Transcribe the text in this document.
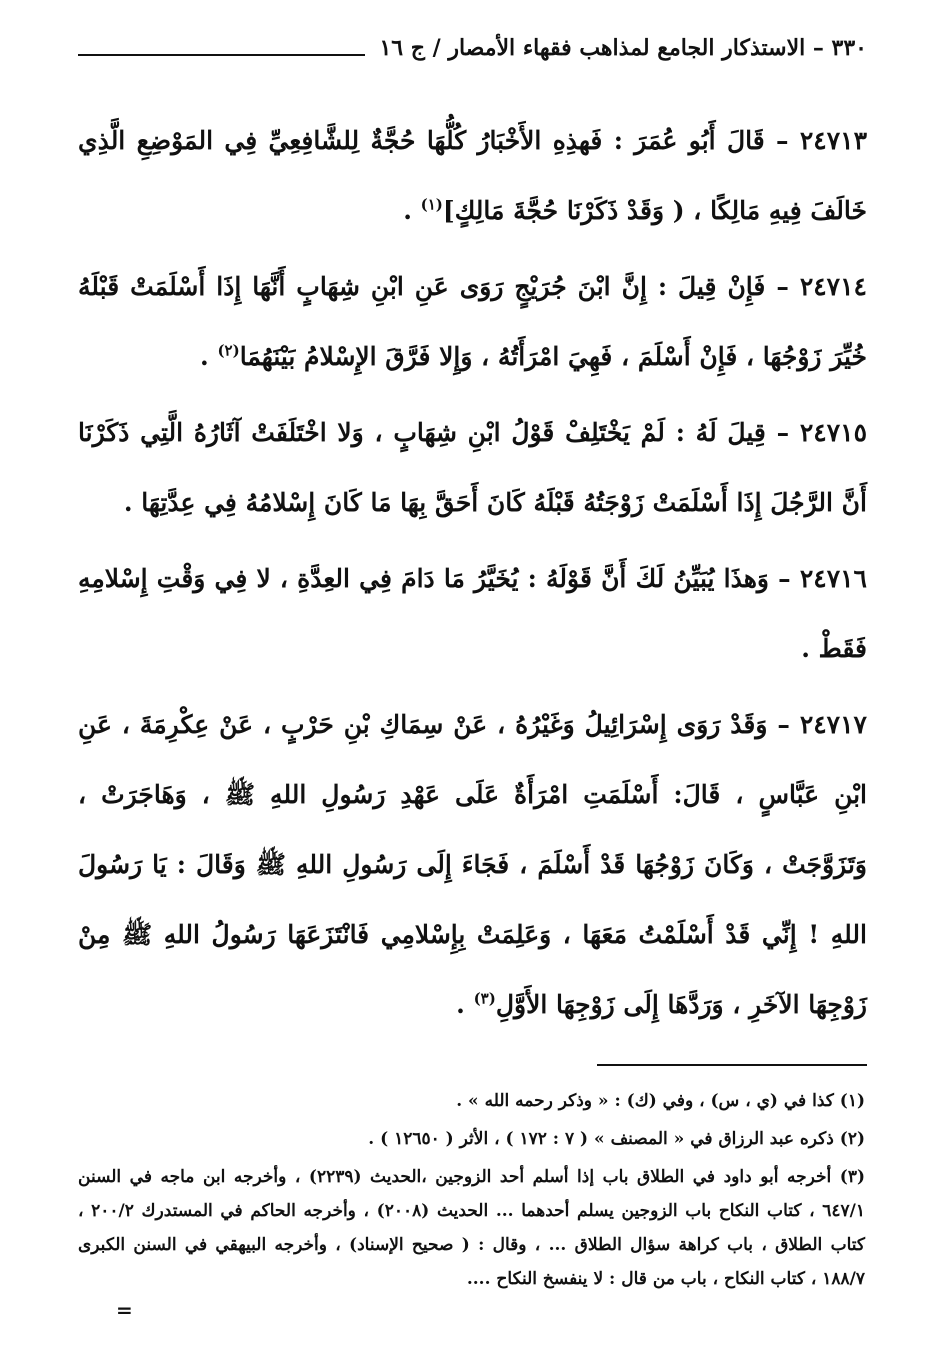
٣٣٠ – الاستذكار الجامع لمذاهب فقهاء الأمصار / ج ١٦

٢٤٧١٣ – قَالَ أَبُو عُمَرَ : فَهذِهِ الأَخْبَارُ كُلُّهَا حُجَّةٌ لِلشَّافِعِيِّ فِي المَوْضِعِ الَّذِي خَالَفَ فِيهِ مَالِكًا ، ( وَقَدْ ذَكَرْنَا حُجَّةَ مَالِكٍ]$^{(١)}$ .

٢٤٧١٤ – فَإِنْ قِيلَ : إِنَّ ابْنَ جُرَيْجٍ رَوَى عَنِ ابْنِ شِهَابٍ أَنَّهَا إِذَا أَسْلَمَتْ قَبْلَهُ خُيِّرَ زَوْجُهَا ، فَإِنْ أَسْلَمَ ، فَهِيَ امْرَأَتُهُ ، وَإِلا فَرَّقَ الإِسْلامُ بَيْنَهُمَا$^{(٢)}$ .

٢٤٧١٥ – قِيلَ لَهُ : لَمْ يَخْتَلِفْ قَوْلُ ابْنِ شِهَابٍ ، وَلا اخْتَلَفَتْ آثَارُهُ الَّتِي ذَكَرْنَا أَنَّ الرَّجُلَ إِذَا أَسْلَمَتْ زَوْجَتُهُ قَبْلَهُ كَانَ أَحَقَّ بِهَا مَا كَانَ إِسْلامُهُ فِي عِدَّتِهَا .

٢٤٧١٦ – وَهذَا يُبَيِّنُ لَكَ أَنَّ قَوْلَهُ : يُخَيَّرُ مَا دَامَ فِي العِدَّةِ ، لا فِي وَقْتِ إِسْلامِهِ فَقَطْ .

٢٤٧١٧ – وَقَدْ رَوَى إِسْرَائِيلُ وَغَيْرُهُ ، عَنْ سِمَاكِ بْنِ حَرْبٍ ، عَنْ عِكْرِمَةَ ، عَنِ ابْنِ عَبَّاسٍ ، قَالَ: أَسْلَمَتِ امْرَأَةٌ عَلَى عَهْدِ رَسُولِ اللهِ ﷺ ، وَهَاجَرَتْ ، وَتَزَوَّجَتْ ، وَكَانَ زَوْجُهَا قَدْ أَسْلَمَ ، فَجَاءَ إِلَى رَسُولِ اللهِ ﷺ وَقَالَ : يَا رَسُولَ اللهِ ! إِنِّي قَدْ أَسْلَمْتُ مَعَهَا ، وَعَلِمَتْ بِإِسْلامِي فَانْتَزَعَهَا رَسُولُ اللهِ ﷺ مِنْ زَوْجِهَا الآخَرِ ، وَرَدَّهَا إِلَى زَوْجِهَا الأَوَّلِ$^{(٣)}$ .

(١) كذا في (ي ، س) ، وفي (ك) : « وذكر رحمه الله » .

(٢) ذكره عبد الرزاق في « المصنف » ( ٧ : ١٧٢ ) ، الأثر ( ١٢٦٥٠ ) .

(٣) أخرجه أبو داود في الطلاق باب إذا أسلم أحد الزوجين ،الحديث (٢٢٣٩) ، وأخرجه ابن ماجه في السنن ٦٤٧/١ ، كتاب النكاح باب الزوجين يسلم أحدهما ... الحديث (٢٠٠٨) ، وأخرجه الحاكم في المستدرك ٢٠٠/٢ ، كتاب الطلاق ، باب كراهة سؤال الطلاق ... ، وقال : ( صحيح الإسناد) ، وأخرجه البيهقي في السنن الكبرى ١٨٨/٧ ، كتاب النكاح ، باب من قال : لا ينفسخ النكاح ....

=
